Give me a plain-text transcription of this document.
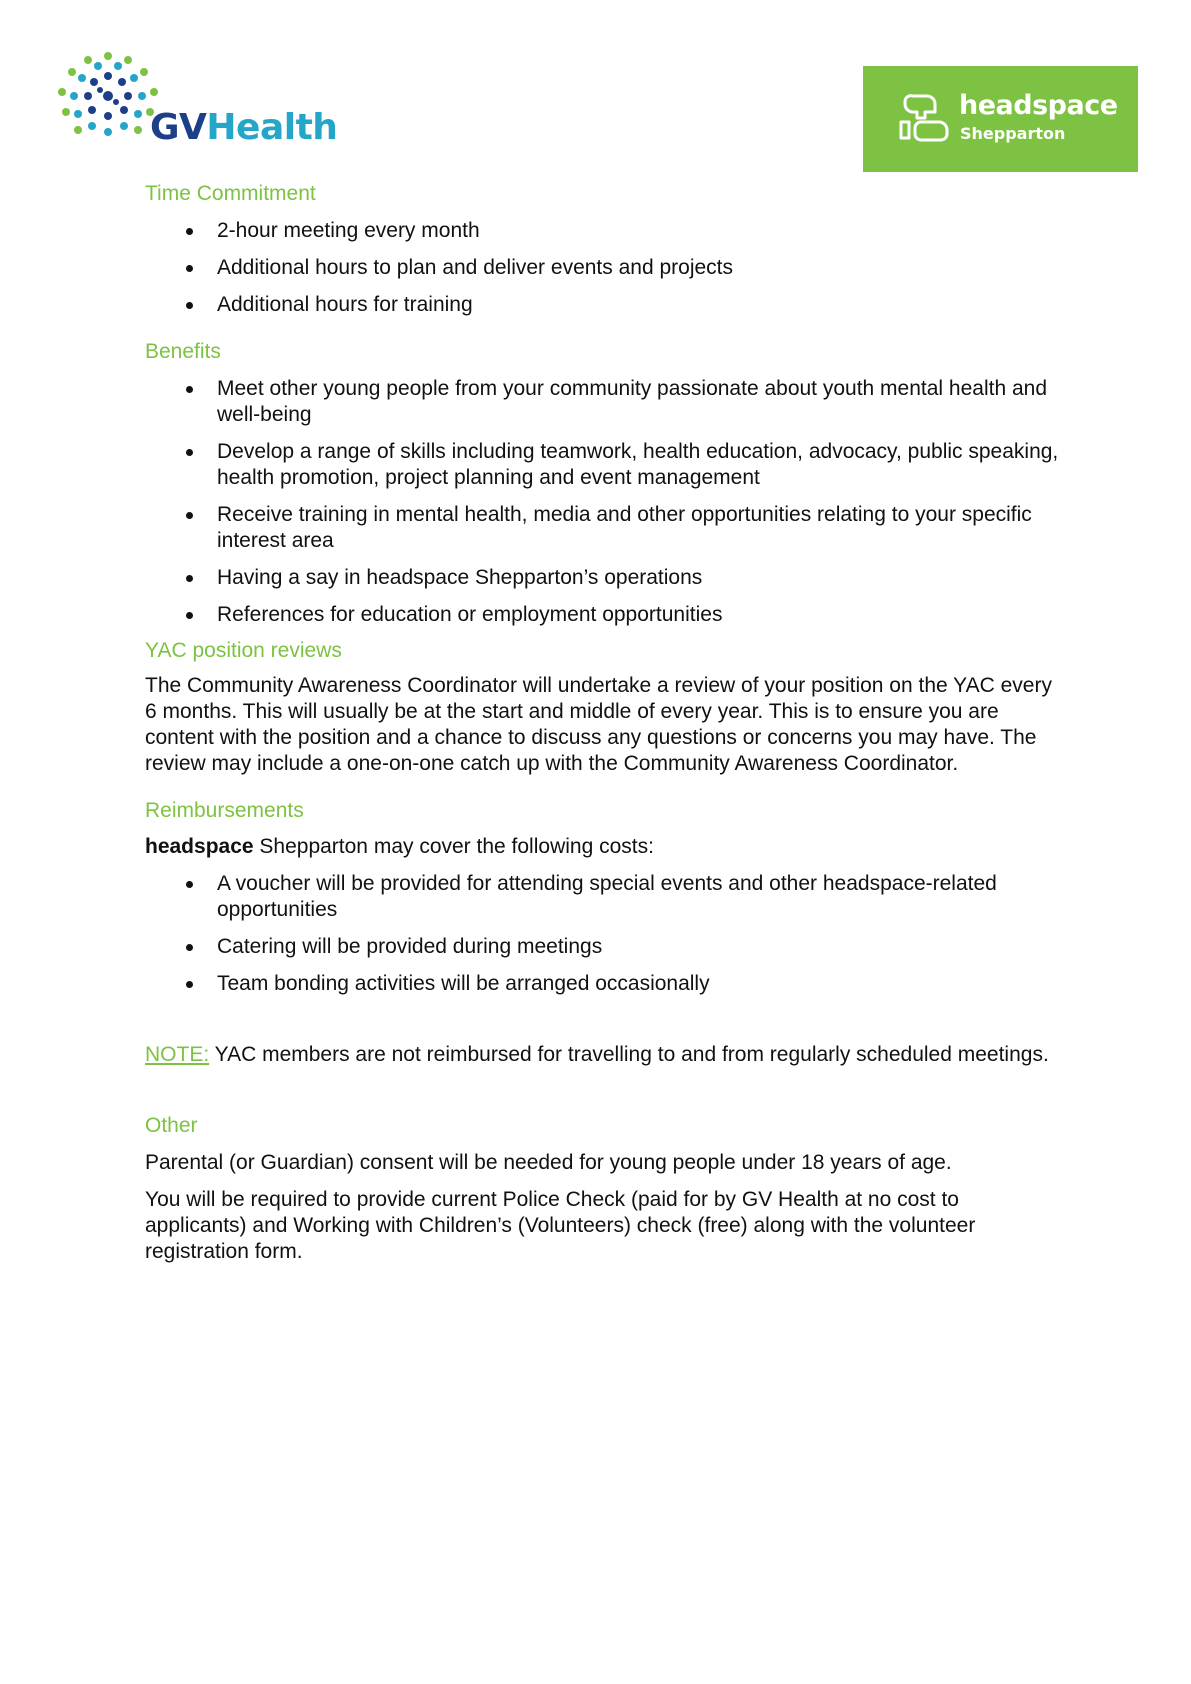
GVHealth
headspace
Shepparton
Time Commitment
2-hour meeting every month
Additional hours to plan and deliver events and projects
Additional hours for training
Benefits
Meet other young people from your community passionate about youth mental health and well-being
Develop a range of skills including teamwork, health education, advocacy, public speaking, health promotion, project planning and event management
Receive training in mental health, media and other opportunities relating to your specific interest area
Having a say in headspace Shepparton’s operations
References for education or employment opportunities
YAC position reviews

The Community Awareness Coordinator will undertake a review of your position on the YAC every 6 months. This will usually be at the start and middle of every year. This is to ensure you are content with the position and a chance to discuss any questions or concerns you may have. The review may include a one-on-one catch up with the Community Awareness Coordinator.

Reimbursements

headspace Shepparton may cover the following costs:

A voucher will be provided for attending special events and other headspace-related opportunities
Catering will be provided during meetings
Team bonding activities will be arranged occasionally

NOTE: YAC members are not reimbursed for travelling to and from regularly scheduled meetings.

Other

Parental (or Guardian) consent will be needed for young people under 18 years of age.

You will be required to provide current Police Check (paid for by GV Health at no cost to applicants) and Working with Children’s (Volunteers) check (free) along with the volunteer registration form.
